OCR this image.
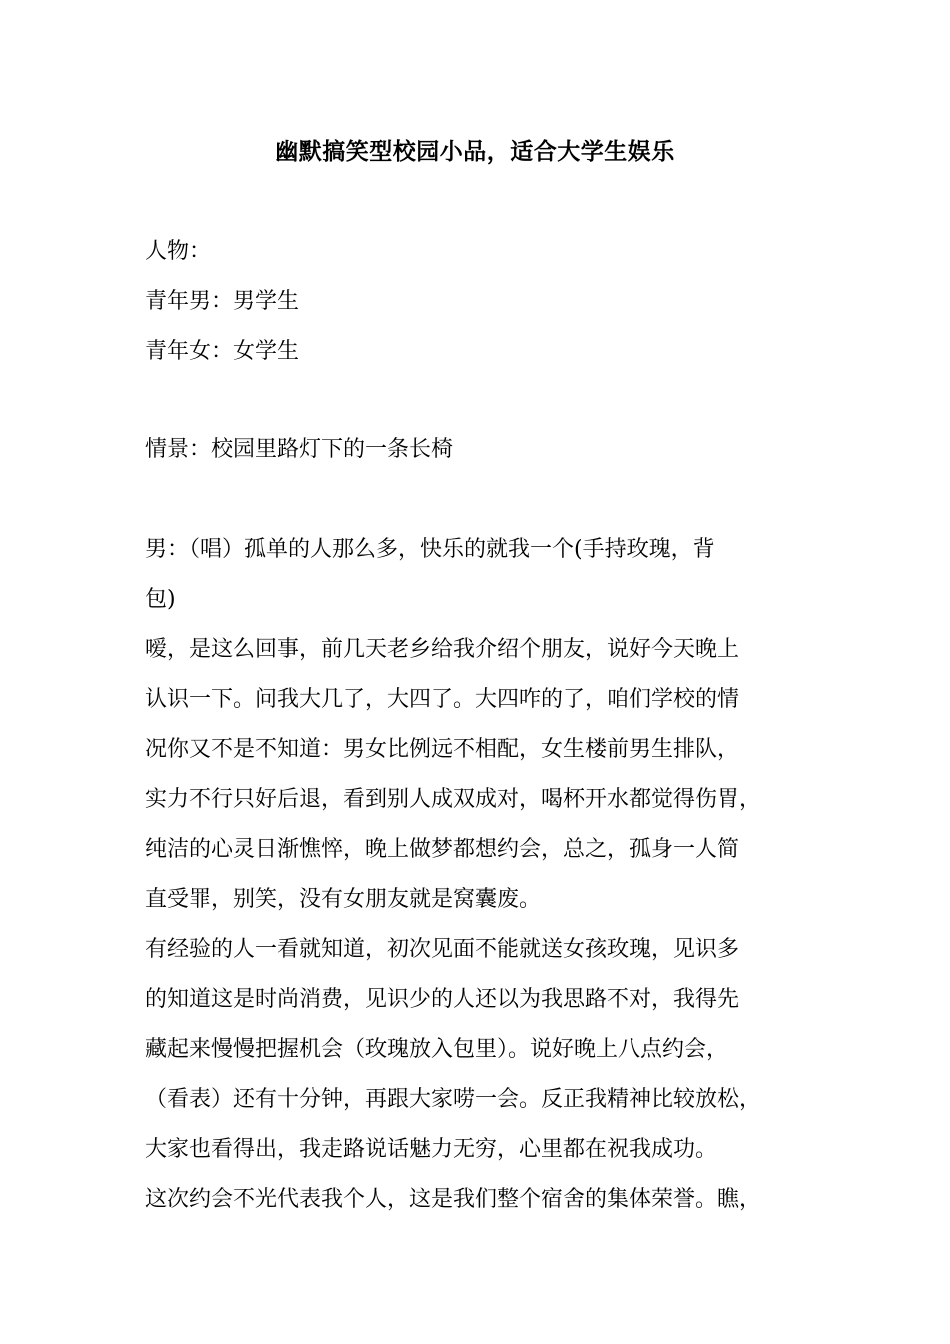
幽默搞笑型校园小品，适合大学生娱乐
人物：
青年男：男学生
青年女：女学生
情景：校园里路灯下的一条长椅
男：（唱）孤单的人那么多，快乐的就我一个(手持玫瑰，背
包)
嗳，是这么回事，前几天老乡给我介绍个朋友，说好今天晚上
认识一下。问我大几了，大四了。大四咋的了，咱们学校的情
况你又不是不知道：男女比例远不相配，女生楼前男生排队，
实力不行只好后退，看到别人成双成对，喝杯开水都觉得伤胃，
纯洁的心灵日渐憔悴，晚上做梦都想约会，总之，孤身一人简
直受罪，别笑，没有女朋友就是窝囊废。
有经验的人一看就知道，初次见面不能就送女孩玫瑰，见识多
的知道这是时尚消费，见识少的人还以为我思路不对，我得先
藏起来慢慢把握机会（玫瑰放入包里）。说好晚上八点约会，
（看表）还有十分钟，再跟大家唠一会。反正我精神比较放松，
大家也看得出，我走路说话魅力无穷，心里都在祝我成功。
这次约会不光代表我个人，这是我们整个宿舍的集体荣誉。瞧，
